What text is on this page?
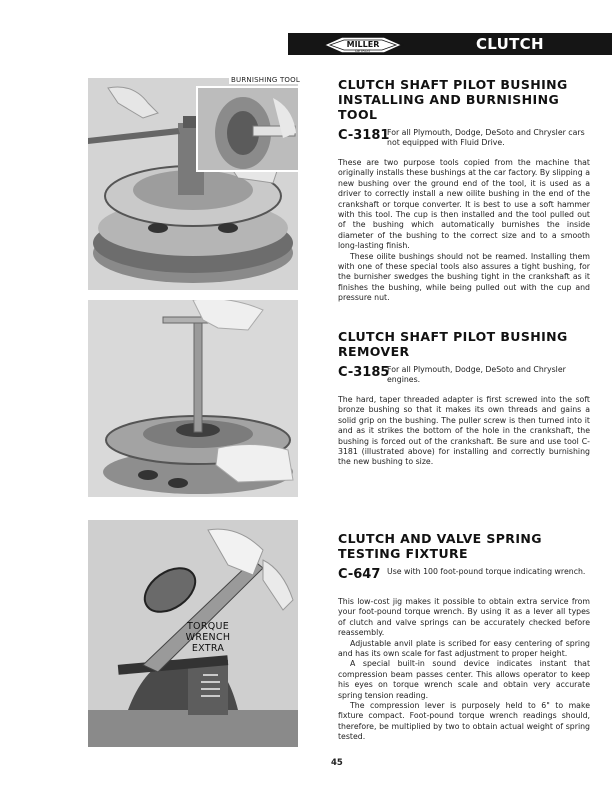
MILLER
DETROIT	CLUTCH
BURNISHING TOOL
TORQUE WRENCH EXTRA
CLUTCH SHAFT PILOT BUSHING INSTALLING AND BURNISHING TOOL
C-3181
For all Plymouth, Dodge, DeSoto and Chrysler cars not equipped with Fluid Drive.

These are two purpose tools copied from the machine that originally installs these bushings at the car factory. By slipping a new bushing over the ground end of the tool, it is used as a driver to correctly install a new oilite bushing in the end of the crankshaft or torque converter. It is best to use a soft hammer with this tool. The cup is then installed and the tool pulled out of the bushing which automatically burnishes the inside diameter of the bushing to the correct size and to a smooth long-lasting finish.

These oilite bushings should not be reamed. Installing them with one of these special tools also assures a tight bushing, for the burnisher swedges the bushing tight in the crankshaft as it finishes the bushing, while being pulled out with the cup and pressure nut.

CLUTCH SHAFT PILOT BUSHING REMOVER
C-3185
For all Plymouth, Dodge, DeSoto and Chrysler engines.

The hard, taper threaded adapter is first screwed into the soft bronze bushing so that it makes its own threads and gains a solid grip on the bushing. The puller screw is then turned into it and as it strikes the bottom of the hole in the crankshaft, the bushing is forced out of the crankshaft. Be sure and use tool C-3181 (illustrated above) for installing and correctly burnishing the new bushing to size.

CLUTCH AND VALVE SPRING TESTING FIXTURE
C-647 Use with 100 foot-pound torque indicating wrench.

This low-cost jig makes it possible to obtain extra service from your foot-pound torque wrench. By using it as a lever all types of clutch and valve springs can be accurately checked before reassembly.

Adjustable anvil plate is scribed for easy centering of spring and has its own scale for fast adjustment to proper height.

A special built-in sound device indicates instant that compression beam passes center. This allows operator to keep his eyes on torque wrench scale and obtain very accurate spring tension reading.

The compression lever is purposely held to 6" to make fixture compact. Foot-pound torque wrench readings should, therefore, be multiplied by two to obtain actual weight of spring tested.

45
